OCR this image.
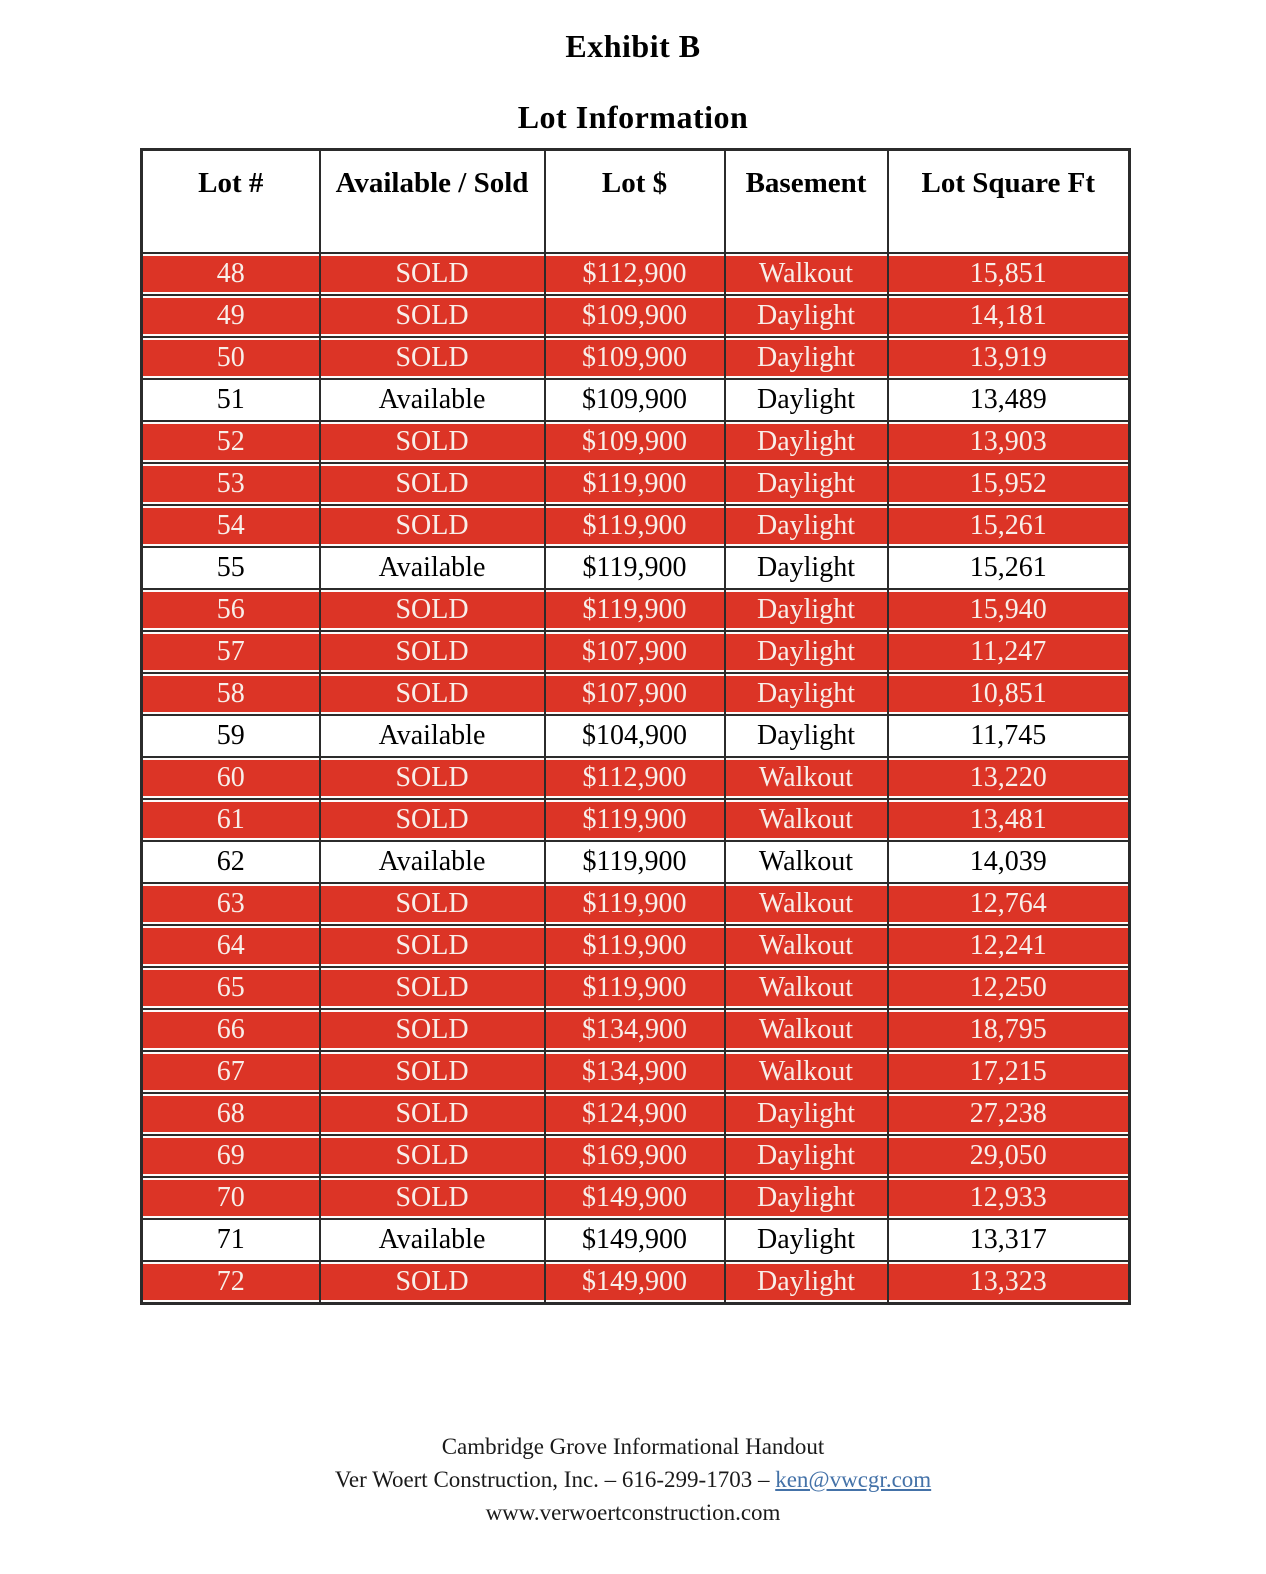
Exhibit B
Lot Information
Lot #	Available / Sold	Lot $	Basement	Lot Square Ft
48	SOLD	$112,900	Walkout	15,851
49	SOLD	$109,900	Daylight	14,181
50	SOLD	$109,900	Daylight	13,919
51	Available	$109,900	Daylight	13,489
52	SOLD	$109,900	Daylight	13,903
53	SOLD	$119,900	Daylight	15,952
54	SOLD	$119,900	Daylight	15,261
55	Available	$119,900	Daylight	15,261
56	SOLD	$119,900	Daylight	15,940
57	SOLD	$107,900	Daylight	11,247
58	SOLD	$107,900	Daylight	10,851
59	Available	$104,900	Daylight	11,745
60	SOLD	$112,900	Walkout	13,220
61	SOLD	$119,900	Walkout	13,481
62	Available	$119,900	Walkout	14,039
63	SOLD	$119,900	Walkout	12,764
64	SOLD	$119,900	Walkout	12,241
65	SOLD	$119,900	Walkout	12,250
66	SOLD	$134,900	Walkout	18,795
67	SOLD	$134,900	Walkout	17,215
68	SOLD	$124,900	Daylight	27,238
69	SOLD	$169,900	Daylight	29,050
70	SOLD	$149,900	Daylight	12,933
71	Available	$149,900	Daylight	13,317
72	SOLD	$149,900	Daylight	13,323
Cambridge Grove Informational Handout
Ver Woert Construction, Inc. – 616-299-1703 – ken@vwcgr.com
www.verwoertconstruction.com
